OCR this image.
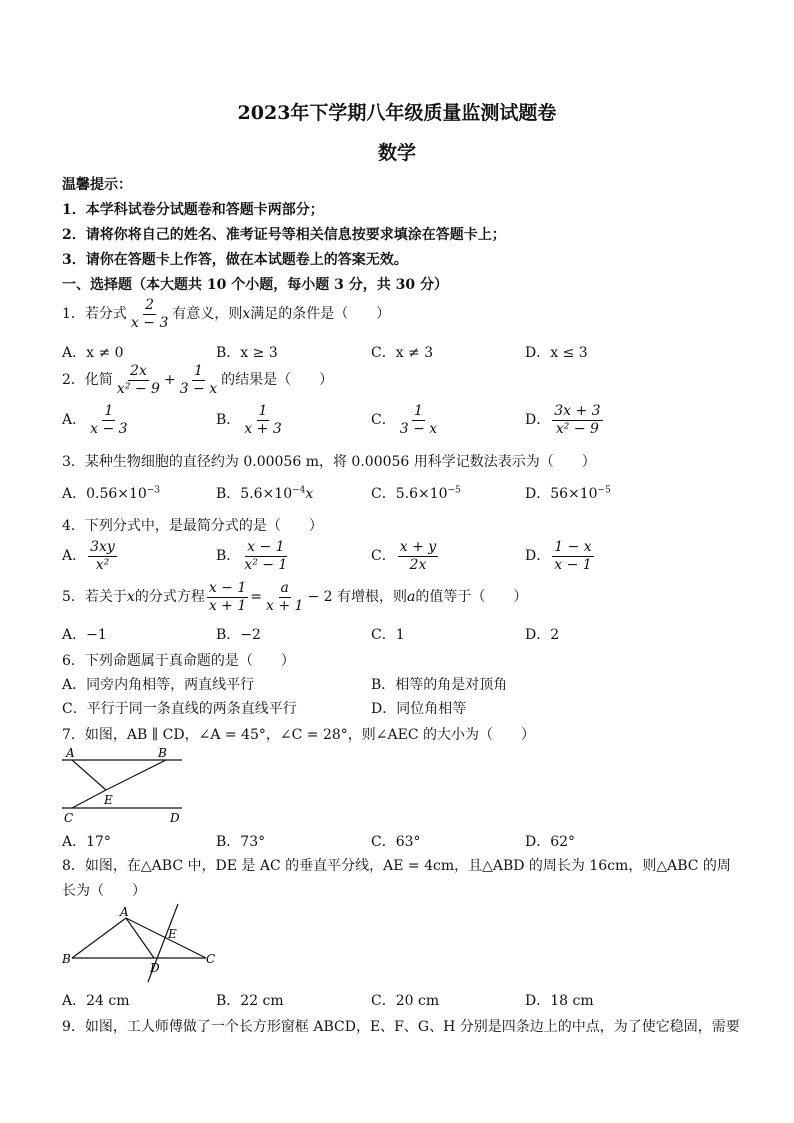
2023年下学期八年级质量监测试题卷
数学
温馨提示：
1．本学科试卷分试题卷和答题卡两部分；
2．请将你将自己的姓名、准考证号等相关信息按要求填涂在答题卡上；
3．请你在答题卡上作答，做在本试题卷上的答案无效。
一、选择题（本大题共 10 个小题，每小题 3 分，共 30 分）
1．若分式 $\frac{2}{x - 3}$ 有意义，则x满足的条件是（　　）
A．x ≠ 0	B．x ≥ 3	C．x ≠ 3	D．x ≤ 3
2．化简 $\frac{2x}{\text{x² − 9}} + \frac{1}{3 - x}$ 的结果是（　　）
A． $\frac{1}{x - 3}$	B． $\frac{1}{x + 3}$	C． $\frac{1}{3 - x}$	D． $\frac{3x + 3}{\text{x² − 9}}$
3．某种生物细胞的直径约为 0.00056 m，将 0.00056 用科学记数法表示为（　　）
A．$0.56\times 10^{-3}$	B．$5.6\times 10^{-4}x$	C．$5.6\times 10^{-5}$	D．$56\times 10^{-5}$
4．下列分式中，是最简分式的是（　　）
A． $\frac{3xy}{\text{x²}}$	B． $\frac{x - 1}{\text{x² − 1}}$	C． $\frac{x + y}{2x}$	D． $\frac{1 - x}{x - 1}$
5．若关于x的分式方程 $\frac{x - 1}{x + 1} = \frac{a}{x + 1} - 2$ 有增根，则a的值等于（　　）
A．−1	B．−2	C．1	D．2
6．下列命题属于真命题的是（　　）
A．同旁内角相等，两直线平行	B．相等的角是对顶角
C．平行于同一条直线的两条直线平行	D．同位角相等
7．如图，AB ∥ CD，∠A = 45°，∠C = 28°，则∠AEC 的大小为（　　）
A	B
E
C	D
A．17°	B．73°	C．63°	D．62°
8．如图，在△ABC 中，DE 是 AC 的垂直平分线，AE = 4cm，且△ABD 的周长为 16cm，则△ABC 的周
长为（　　）
A
E
B
D
C
A．24 cm	B．22 cm	C．20 cm	D．18 cm
9．如图，工人师傅做了一个长方形窗框 ABCD，E、F、G、H 分别是四条边上的中点，为了使它稳固，需要
